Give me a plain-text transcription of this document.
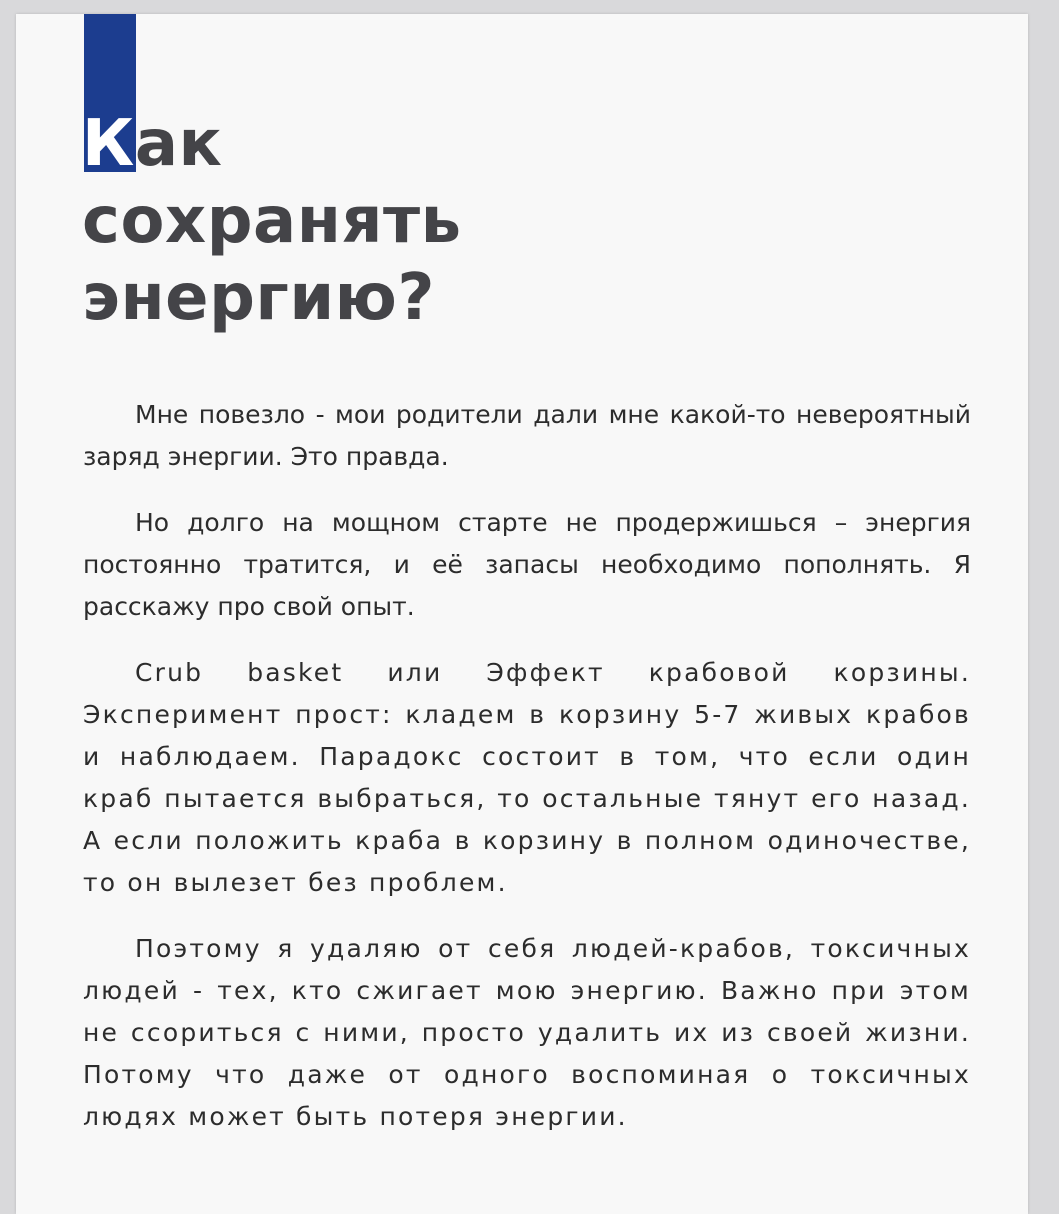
Как
сохранять
энергию?

Мне повезло - мои родители дали мне какой-то невероятный заряд энергии. Это правда.

Но долго на мощном старте не продержишься – энергия постоянно тратится, и её запасы необходимо пополнять. Я расскажу про свой опыт.

Crub basket или Эффект крабовой корзины. Эксперимент прост: кладем в корзину 5-7 живых крабов и наблюдаем. Парадокс состоит в том, что если один краб пытается выбраться, то остальные тянут его назад. А если положить краба в корзину в полном одиночестве, то он вылезет без проблем.

Поэтому я удаляю от себя людей-крабов, токсичных людей - тех, кто сжигает мою энергию. Важно при этом не ссориться с ними, просто удалить их из своей жизни. Потому что даже от одного воспоминая о токсичных людях может быть потеря энергии.
